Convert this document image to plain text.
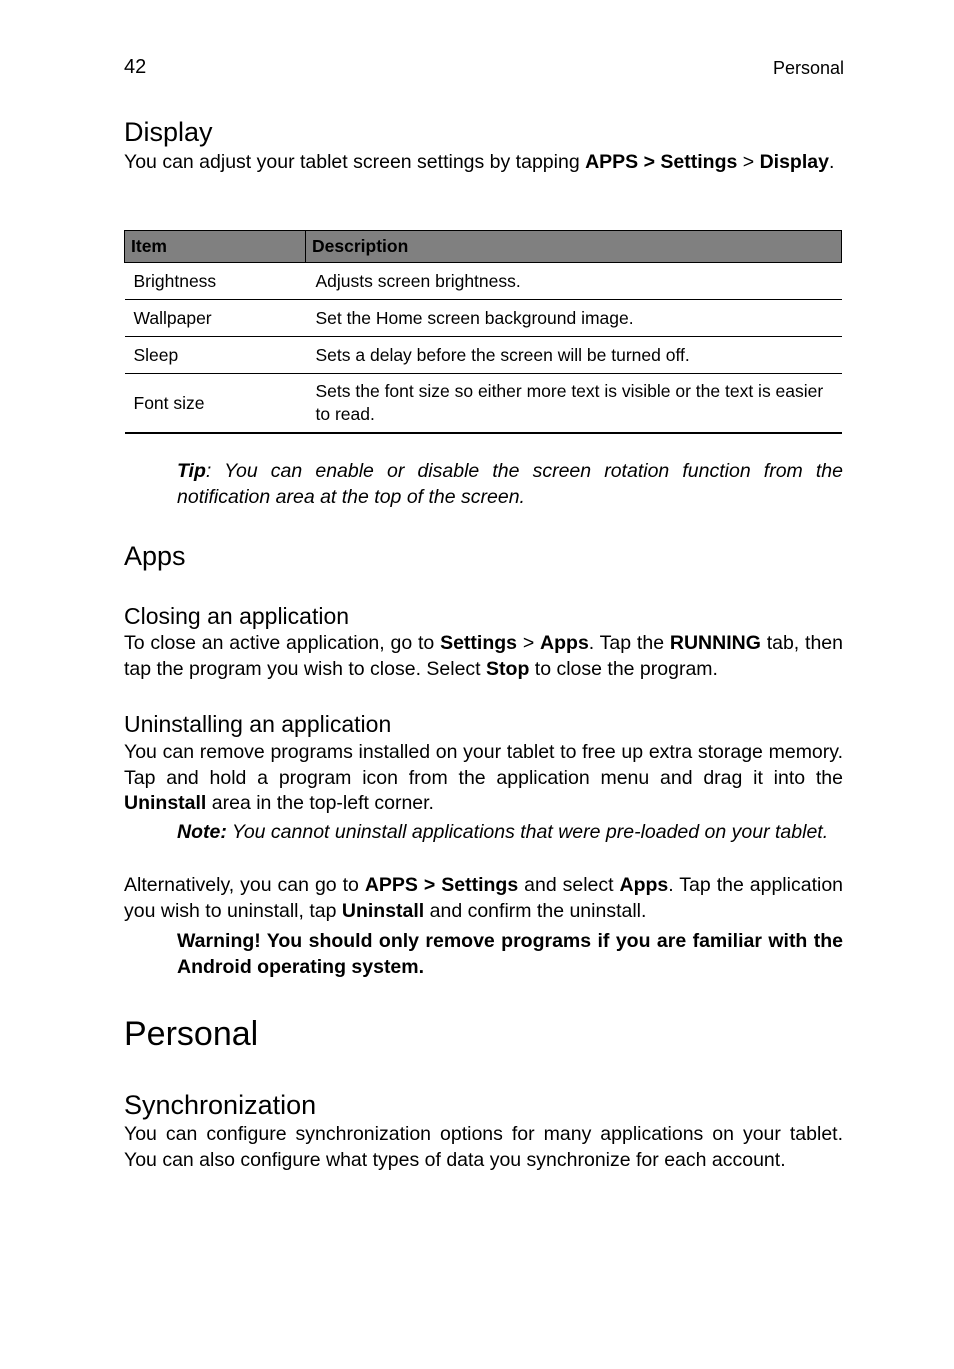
42	Personal
Display

You can adjust your tablet screen settings by tapping APPS > Settings > Display.

Item	Description
Brightness	Adjusts screen brightness.
Wallpaper	Set the Home screen background image.
Sleep	Sets a delay before the screen will be turned off.
Font size	Sets the font size so either more text is visible or the text is easier to read.

Tip: You can enable or disable the screen rotation function from the notification area at the top of the screen.

Apps
Closing an application

To close an active application, go to Settings > Apps. Tap the RUNNING tab, then tap the program you wish to close. Select Stop to close the program.

Uninstalling an application

You can remove programs installed on your tablet to free up extra storage memory. Tap and hold a program icon from the application menu and drag it into the Uninstall area in the top-left corner.

Note: You cannot uninstall applications that were pre-loaded on your tablet.

Alternatively, you can go to APPS > Settings and select Apps. Tap the application you wish to uninstall, tap Uninstall and confirm the uninstall.

Warning! You should only remove programs if you are familiar with the Android operating system.

Personal
Synchronization

You can configure synchronization options for many applications on your tablet. You can also configure what types of data you synchronize for each account.
